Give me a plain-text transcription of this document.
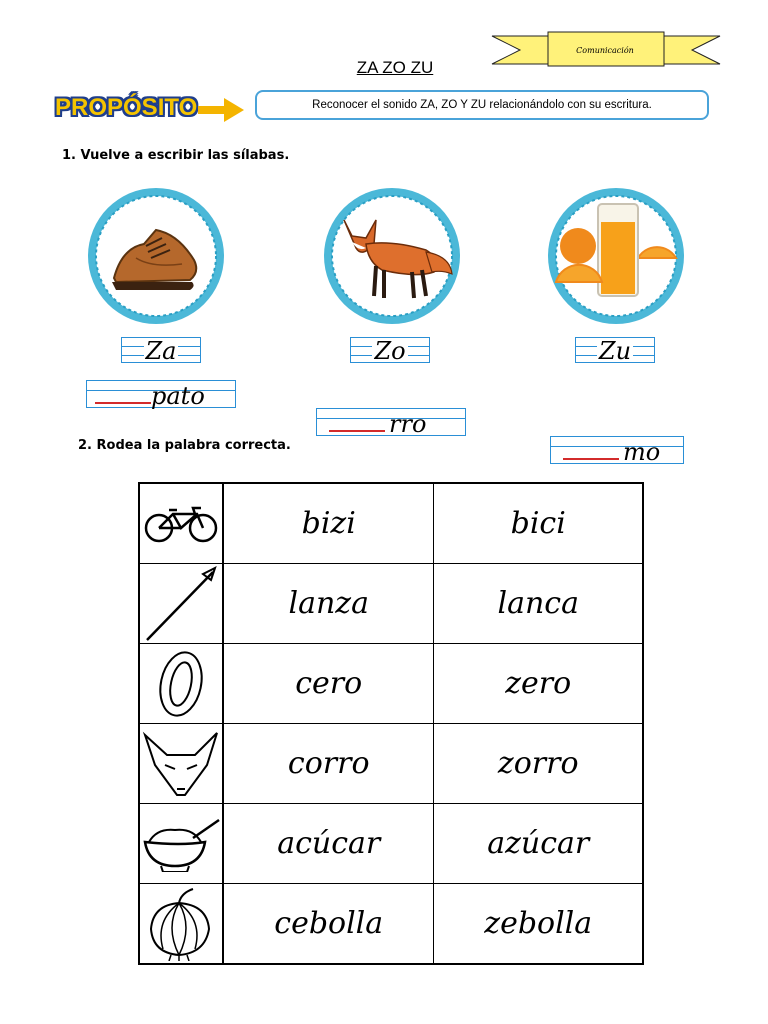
Comunicación
ZA ZO ZU
PROPÓSITO	Reconocer el sonido ZA, ZO Y ZU relacionándolo con su escritura.
1. Vuelve a escribir las sílabas.
Za	Zo	Zu
pato
rro
mo
2. Rodea la palabra correcta.
	bizi	bici

	lanza	lanca

	cero	zero

	corro	zorro

	acúcar	azúcar

	cebolla	zebolla
